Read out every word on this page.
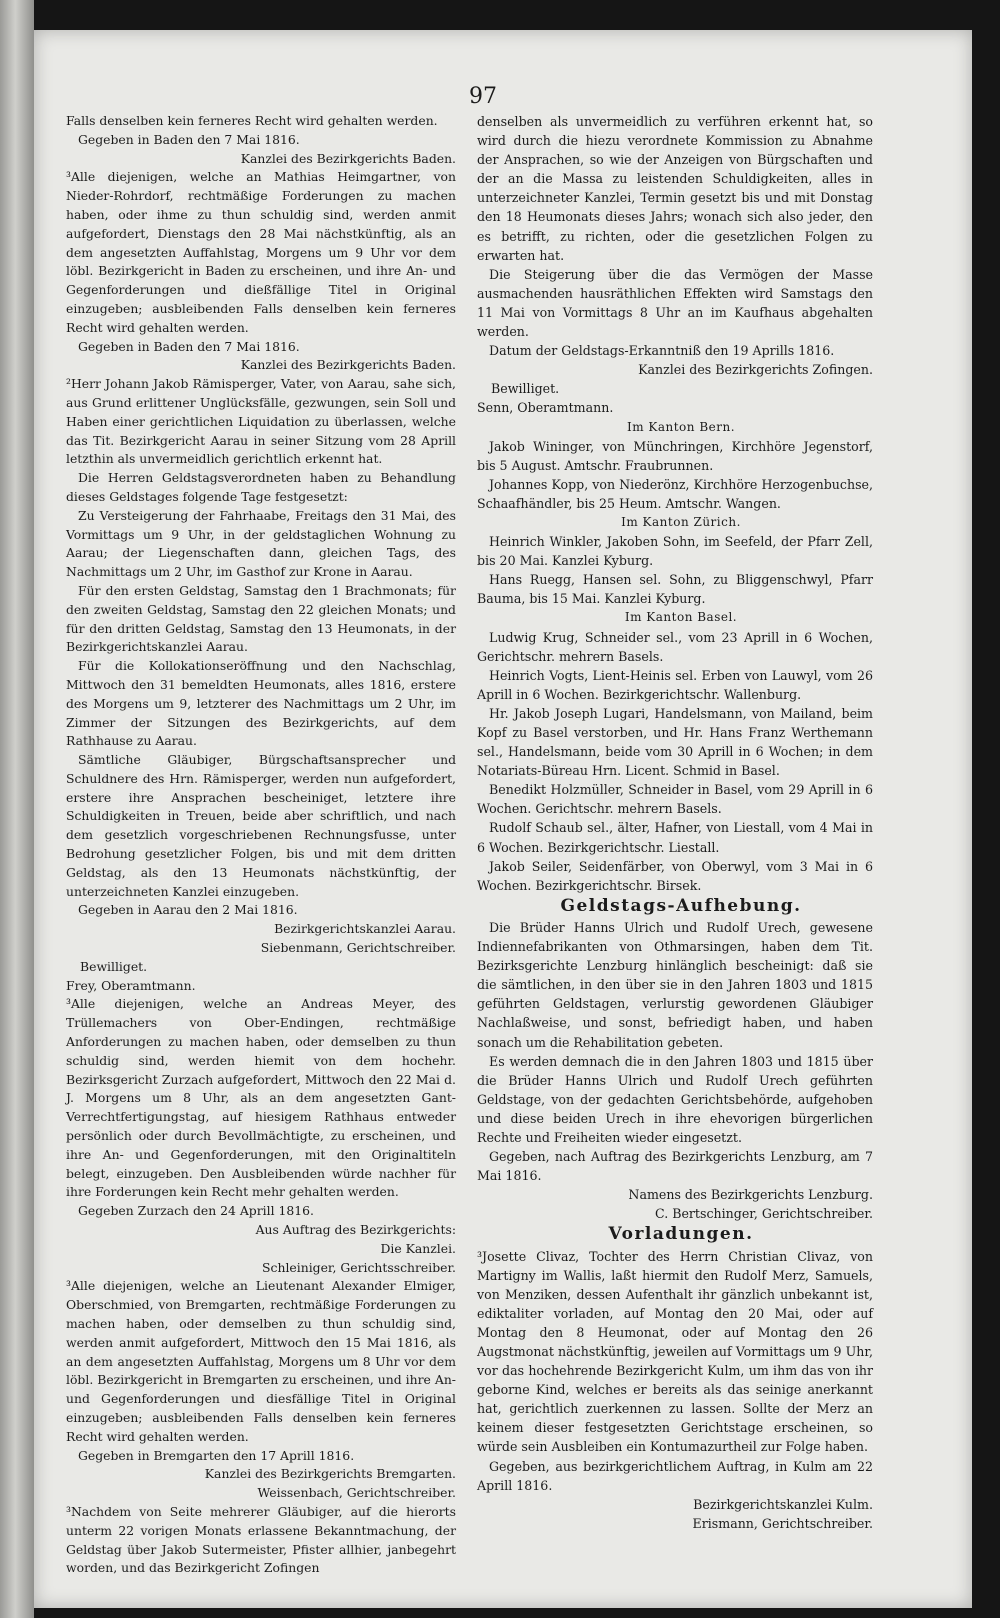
97

Falls denselben kein ferneres Recht wird gehalten werden.

Gegeben in Baden den 7 Mai 1816.

Kanzlei des Bezirkgerichts Baden.

³Alle diejenigen, welche an Mathias Heimgartner, von Nieder-Rohrdorf, rechtmäßige Forderungen zu machen haben, oder ihme zu thun schuldig sind, werden anmit aufgefordert, Dienstags den 28 Mai nächstkünftig, als an dem angesetzten Auffahlstag, Morgens um 9 Uhr vor dem löbl. Bezirkgericht in Baden zu erscheinen, und ihre An- und Gegenforderungen und dießfällige Titel in Original einzugeben; ausbleibenden Falls denselben kein ferneres Recht wird gehalten werden.

Gegeben in Baden den 7 Mai 1816.

Kanzlei des Bezirkgerichts Baden.

²Herr Johann Jakob Rämisperger, Vater, von Aarau, sahe sich, aus Grund erlittener Unglücksfälle, gezwungen, sein Soll und Haben einer gerichtlichen Liquidation zu überlassen, welche das Tit. Bezirkgericht Aarau in seiner Sitzung vom 28 Aprill letzthin als unvermeidlich gerichtlich erkennt hat.

Die Herren Geldstagsverordneten haben zu Behandlung dieses Geldstages folgende Tage festgesetzt:

Zu Versteigerung der Fahrhaabe, Freitags den 31 Mai, des Vormittags um 9 Uhr, in der geldstaglichen Wohnung zu Aarau; der Liegenschaften dann, gleichen Tags, des Nachmittags um 2 Uhr, im Gasthof zur Krone in Aarau.

Für den ersten Geldstag, Samstag den 1 Brachmonats; für den zweiten Geldstag, Samstag den 22 gleichen Monats; und für den dritten Geldstag, Samstag den 13 Heumonats, in der Bezirkgerichtskanzlei Aarau.

Für die Kollokationseröffnung und den Nachschlag, Mittwoch den 31 bemeldten Heumonats, alles 1816, erstere des Morgens um 9, letzterer des Nachmittags um 2 Uhr, im Zimmer der Sitzungen des Bezirkgerichts, auf dem Rathhause zu Aarau.

Sämtliche Gläubiger, Bürgschaftsansprecher und Schuldnere des Hrn. Rämisperger, werden nun aufgefordert, erstere ihre Ansprachen bescheiniget, letztere ihre Schuldigkeiten in Treuen, beide aber schriftlich, und nach dem gesetzlich vorgeschriebenen Rechnungsfusse, unter Bedrohung gesetzlicher Folgen, bis und mit dem dritten Geldstag, als den 13 Heumonats nächstkünftig, der unterzeichneten Kanzlei einzugeben.

Gegeben in Aarau den 2 Mai 1816.

Bezirkgerichtskanzlei Aarau.

Siebenmann, Gerichtschreiber.

Bewilliget.

Frey, Oberamtmann.

³Alle diejenigen, welche an Andreas Meyer, des Trüllemachers von Ober-Endingen, rechtmäßige Anforderungen zu machen haben, oder demselben zu thun schuldig sind, werden hiemit von dem hochehr. Bezirksgericht Zurzach aufgefordert, Mittwoch den 22 Mai d. J. Morgens um 8 Uhr, als an dem angesetzten Gant-Verrechtfertigungstag, auf hiesigem Rathhaus entweder persönlich oder durch Bevollmächtigte, zu erscheinen, und ihre An- und Gegenforderungen, mit den Originaltiteln belegt, einzugeben. Den Ausbleibenden würde nachher für ihre Forderungen kein Recht mehr gehalten werden.

Gegeben Zurzach den 24 Aprill 1816.

Aus Auftrag des Bezirkgerichts:

Die Kanzlei.

Schleiniger, Gerichtsschreiber.

³Alle diejenigen, welche an Lieutenant Alexander Elmiger, Oberschmied, von Bremgarten, rechtmäßige Forderungen zu machen haben, oder demselben zu thun schuldig sind, werden anmit aufgefordert, Mittwoch den 15 Mai 1816, als an dem angesetzten Auffahlstag, Morgens um 8 Uhr vor dem löbl. Bezirkgericht in Bremgarten zu erscheinen, und ihre An- und Gegenforderungen und diesfällige Titel in Original einzugeben; ausbleibenden Falls denselben kein ferneres Recht wird gehalten werden.

Gegeben in Bremgarten den 17 Aprill 1816.

Kanzlei des Bezirkgerichts Bremgarten.

Weissenbach, Gerichtschreiber.

³Nachdem von Seite mehrerer Gläubiger, auf die hierorts unterm 22 vorigen Monats erlassene Bekanntmachung, der Geldstag über Jakob Sutermeister, Pfister allhier, janbegehrt worden, und das Bezirkgericht Zofingen

denselben als unvermeidlich zu verführen erkennt hat, so wird durch die hiezu verordnete Kommission zu Abnahme der Ansprachen, so wie der Anzeigen von Bürgschaften und der an die Massa zu leistenden Schuldigkeiten, alles in unterzeichneter Kanzlei, Termin gesetzt bis und mit Donstag den 18 Heumonats dieses Jahrs; wonach sich also jeder, den es betrifft, zu richten, oder die gesetzlichen Folgen zu erwarten hat.

Die Steigerung über die das Vermögen der Masse ausmachenden hausräthlichen Effekten wird Samstags den 11 Mai von Vormittags 8 Uhr an im Kaufhaus abgehalten werden.

Datum der Geldstags-Erkanntniß den 19 Aprills 1816.

Kanzlei des Bezirkgerichts Zofingen.

Bewilliget.

Senn, Oberamtmann.

Im Kanton Bern.

Jakob Wininger, von Münchringen, Kirchhöre Jegenstorf, bis 5 August. Amtschr. Fraubrunnen.

Johannes Kopp, von Niederönz, Kirchhöre Herzogenbuchse, Schaafhändler, bis 25 Heum. Amtschr. Wangen.

Im Kanton Zürich.

Heinrich Winkler, Jakoben Sohn, im Seefeld, der Pfarr Zell, bis 20 Mai. Kanzlei Kyburg.

Hans Ruegg, Hansen sel. Sohn, zu Bliggenschwyl, Pfarr Bauma, bis 15 Mai. Kanzlei Kyburg.

Im Kanton Basel.

Ludwig Krug, Schneider sel., vom 23 Aprill in 6 Wochen, Gerichtschr. mehrern Basels.

Heinrich Vogts, Lient-Heinis sel. Erben von Lauwyl, vom 26 Aprill in 6 Wochen. Bezirkgerichtschr. Wallenburg.

Hr. Jakob Joseph Lugari, Handelsmann, von Mailand, beim Kopf zu Basel verstorben, und Hr. Hans Franz Werthemann sel., Handelsmann, beide vom 30 Aprill in 6 Wochen; in dem Notariats-Büreau Hrn. Licent. Schmid in Basel.

Benedikt Holzmüller, Schneider in Basel, vom 29 Aprill in 6 Wochen. Gerichtschr. mehrern Basels.

Rudolf Schaub sel., älter, Hafner, von Liestall, vom 4 Mai in 6 Wochen. Bezirkgerichtschr. Liestall.

Jakob Seiler, Seidenfärber, von Oberwyl, vom 3 Mai in 6 Wochen. Bezirkgerichtschr. Birsek.

Geldstags-Aufhebung.

Die Brüder Hanns Ulrich und Rudolf Urech, gewesene Indiennefabrikanten von Othmarsingen, haben dem Tit. Bezirksgerichte Lenzburg hinlänglich bescheinigt: daß sie die sämtlichen, in den über sie in den Jahren 1803 und 1815 geführten Geldstagen, verlurstig gewordenen Gläubiger Nachlaßweise, und sonst, befriedigt haben, und haben sonach um die Rehabilitation gebeten.

Es werden demnach die in den Jahren 1803 und 1815 über die Brüder Hanns Ulrich und Rudolf Urech geführten Geldstage, von der gedachten Gerichtsbehörde, aufgehoben und diese beiden Urech in ihre ehevorigen bürgerlichen Rechte und Freiheiten wieder eingesetzt.

Gegeben, nach Auftrag des Bezirkgerichts Lenzburg, am 7 Mai 1816.

Namens des Bezirkgerichts Lenzburg.

C. Bertschinger, Gerichtschreiber.

Vorladungen.

³Josette Clivaz, Tochter des Herrn Christian Clivaz, von Martigny im Wallis, laßt hiermit den Rudolf Merz, Samuels, von Menziken, dessen Aufenthalt ihr gänzlich unbekannt ist, ediktaliter vorladen, auf Montag den 20 Mai, oder auf Montag den 8 Heumonat, oder auf Montag den 26 Augstmonat nächstkünftig, jeweilen auf Vormittags um 9 Uhr, vor das hochehrende Bezirkgericht Kulm, um ihm das von ihr geborne Kind, welches er bereits als das seinige anerkannt hat, gerichtlich zuerkennen zu lassen. Sollte der Merz an keinem dieser festgesetzten Gerichtstage erscheinen, so würde sein Ausbleiben ein Kontumazurtheil zur Folge haben.

Gegeben, aus bezirkgerichtlichem Auftrag, in Kulm am 22 Aprill 1816.

Bezirkgerichtskanzlei Kulm.

Erismann, Gerichtschreiber.
